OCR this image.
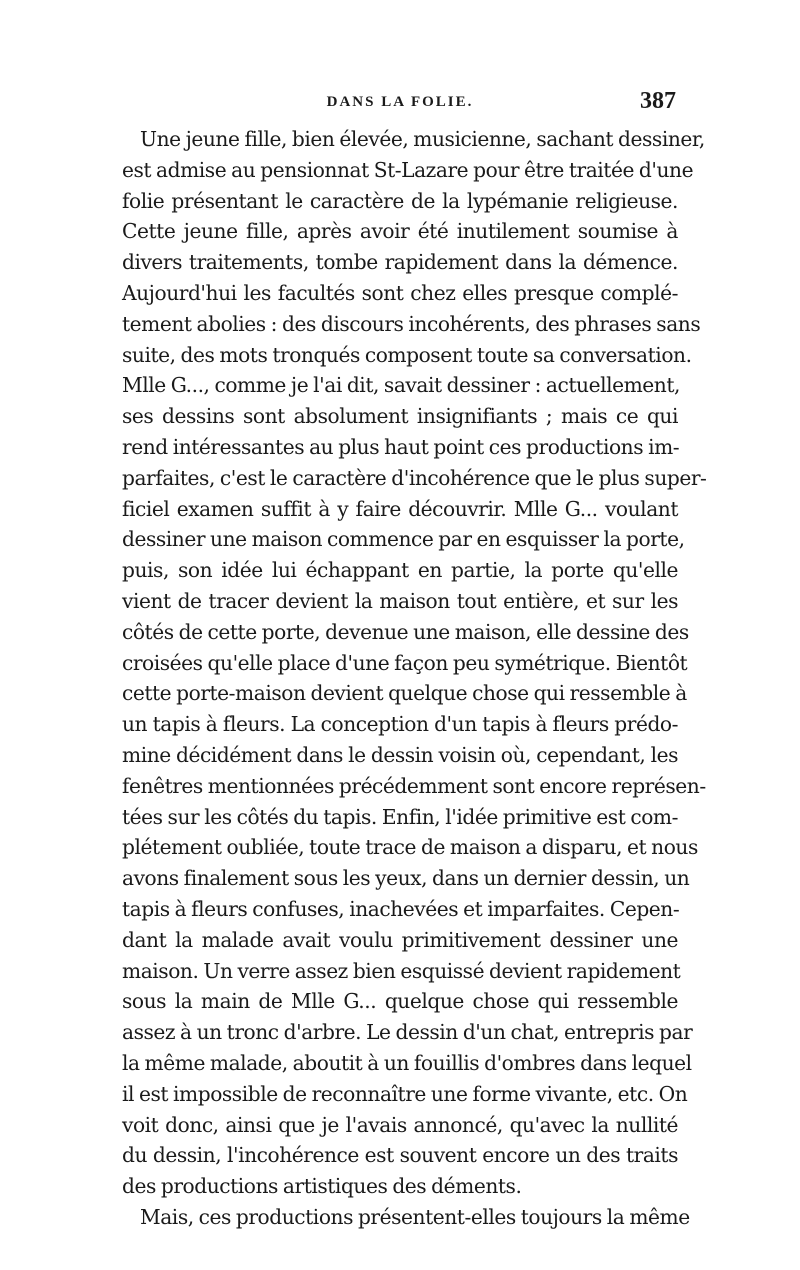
DANS LA FOLIE.	387
Une jeune fille, bien élevée, musicienne, sachant dessiner,
est admise au pensionnat St-Lazare pour être traitée d'une
folie présentant le caractère de la lypémanie religieuse.
Cette jeune fille, après avoir été inutilement soumise à
divers traitements, tombe rapidement dans la démence.
Aujourd'hui les facultés sont chez elles presque complé-
tement abolies : des discours incohérents, des phrases sans
suite, des mots tronqués composent toute sa conversation.
Mlle G..., comme je l'ai dit, savait dessiner : actuellement,
ses dessins sont absolument insignifiants ; mais ce qui
rend intéressantes au plus haut point ces productions im-
parfaites, c'est le caractère d'incohérence que le plus super-
ficiel examen suffit à y faire découvrir. Mlle G... voulant
dessiner une maison commence par en esquisser la porte,
puis, son idée lui échappant en partie, la porte qu'elle
vient de tracer devient la maison tout entière, et sur les
côtés de cette porte, devenue une maison, elle dessine des
croisées qu'elle place d'une façon peu symétrique. Bientôt
cette porte-maison devient quelque chose qui ressemble à
un tapis à fleurs. La conception d'un tapis à fleurs prédo-
mine décidément dans le dessin voisin où, cependant, les
fenêtres mentionnées précédemment sont encore représen-
tées sur les côtés du tapis. Enfin, l'idée primitive est com-
plétement oubliée, toute trace de maison a disparu, et nous
avons finalement sous les yeux, dans un dernier dessin, un
tapis à fleurs confuses, inachevées et imparfaites. Cepen-
dant la malade avait voulu primitivement dessiner une
maison. Un verre assez bien esquissé devient rapidement
sous la main de Mlle G... quelque chose qui ressemble
assez à un tronc d'arbre. Le dessin d'un chat, entrepris par
la même malade, aboutit à un fouillis d'ombres dans lequel
il est impossible de reconnaître une forme vivante, etc. On
voit donc, ainsi que je l'avais annoncé, qu'avec la nullité
du dessin, l'incohérence est souvent encore un des traits
des productions artistiques des déments.
Mais, ces productions présentent-elles toujours la même
